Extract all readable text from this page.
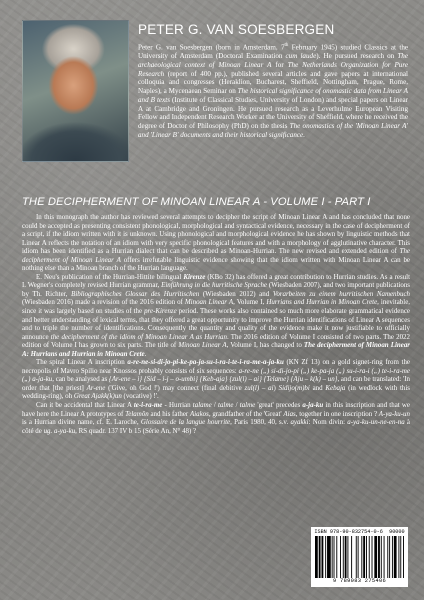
PETER G. VAN SOESBERGEN
Peter G. van Soesbergen (born in Amsterdam, 7th February 1945) studied Classics at the University of Amsterdam (Doctoral Examination cum laude). He pursued research on The archaeological context of Minoan Linear A for The Netherlands Organization for Pure Research (report of 400 pp.), published several articles and gave papers at international colloquia and congresses (Heraklion, Bucharest, Sheffield, Nottingham, Prague, Rome, Naples), a Mycenaean Seminar on The historical significance of onomastic data from Linear A and B texts (Institute of Classical Studies, University of London) and special papers on Linear A at Cambridge and Groningen. He pursued research as a Leverhulme European Visiting Fellow and Independent Research Worker at the University of Sheffield, where he received the degree of Doctor of Philosophy (PhD) on the thesis The onomastics of the 'Minoan Linear A' and 'Linear B' documents and their historical significance.
THE DECIPHERMENT OF MINOAN LINEAR A - VOLUME I - PART I

In this monograph the author has reviewed several attempts to decipher the script of Minoan Linear A and has concluded that none could be accepted as presenting consistent phonological, morphological and syntactical evidence, necessary in the case of decipherment of a script, if the idiom written with it is unknown. Using phonological and morphological evidence he has shown by linguistic methods that Linear A reflects the notation of an idiom with very specific phonological features and with a morphology of agglutinative character. This idiom has been identified as a Hurrian dialect that can be described as Minoan-Hurrian. The new revised and extended edition of The decipherment of Minoan Linear A offers irrefutable linguistic evidence showing that the idiom written with Minoan Linear A can be nothing else than a Minoan branch of the Hurrian language.

E. Neu's publication of the Hurrian-Hittite bilingual Kirenze (KBo 32) has offered a great contribution to Hurrian studies. As a result I. Wegner's completely revised Hurrian grammar, Einführung in die hurritische Sprache (Wiesbaden 2007), and two important publications by Th. Richter, Bibliographisches Glossar des Hurritischen (Wiesbaden 2012) and Vorarbeiten zu einem hurritischen Namenbuch (Wiesbaden 2016) made a revision of the 2016 edition of Minoan Linear A, Volume I, Hurrians and Hurrian in Minoan Crete, inevitable, since it was largely based on studies of the pre-Kirenze period. These works also contained so much more elaborate grammatical evidence and better understanding of lexical terms, that they offered a great opportunity to improve the Hurrian identifications of Linear A sequences and to triple the number of identifications. Consequently the quantity and quality of the evidence make it now justifiable to officially announce the decipherment of the idiom of Minoan Linear A as Hurrian. The 2016 edition of Volume I consisted of two parts. The 2022 edition of Volume I has grown to six parts. The title of Minoan Linear A, Volume I, has changed to The decipherment of Minoan Linear A: Hurrians and Hurrian in Minoan Crete.

The spiral Linear A inscription a-re-ne-si-di-jo-pi-ke-pa-ja-su-i-ra-i-te-i-ra-me-a-ja-ku (KN Zf 13) on a gold signet-ring from the necropolis of Mavro Spilio near Knossos probably consists of six sequences: a-re-ne („) si-di-jo-pi („) ke-pa-ja („) su-i-ra-i („) te-i-ra-me („) a-ja-ku, can be analysed as {Ar-ene – i} {Sid – i-j – o-umbi} {Keb-aja} {zul(l) – ai} {Telame} {Aju – k(k) – un}, and can be translated: 'In order that [the priest] Ar-ene ('Give, oh God !') may connect (final debitive zul(l) – ai) Sidijo(m)bi and Kebaja (in wedlock with this wedding-ring), oh Great Ajakk(k)un (vocative) !'.

Can it be accidental that Linear A te-i-ra-me - Hurrian talame / talme / talme 'great' precedes a-ja-ku in this inscription and that we have here the Linear A prototypes of Telamôn and his father Aiakos, grandfather of the 'Great' Aias, together in one inscription ? A-ya-ku-un is a Hurrian divine name, cf. E. Laroche, Glossaire de la langue hourrite, Paris 1980, 40, s.v. ayakki: Nom divin: a-ya-ku-un-ne-en-na à côté de ug. a-ya-ku, RS quadr. 137 IV b 15 (Série An, N° 48) ?

ISBN 978-90-832754-0-6 90000
9 789083 275406
